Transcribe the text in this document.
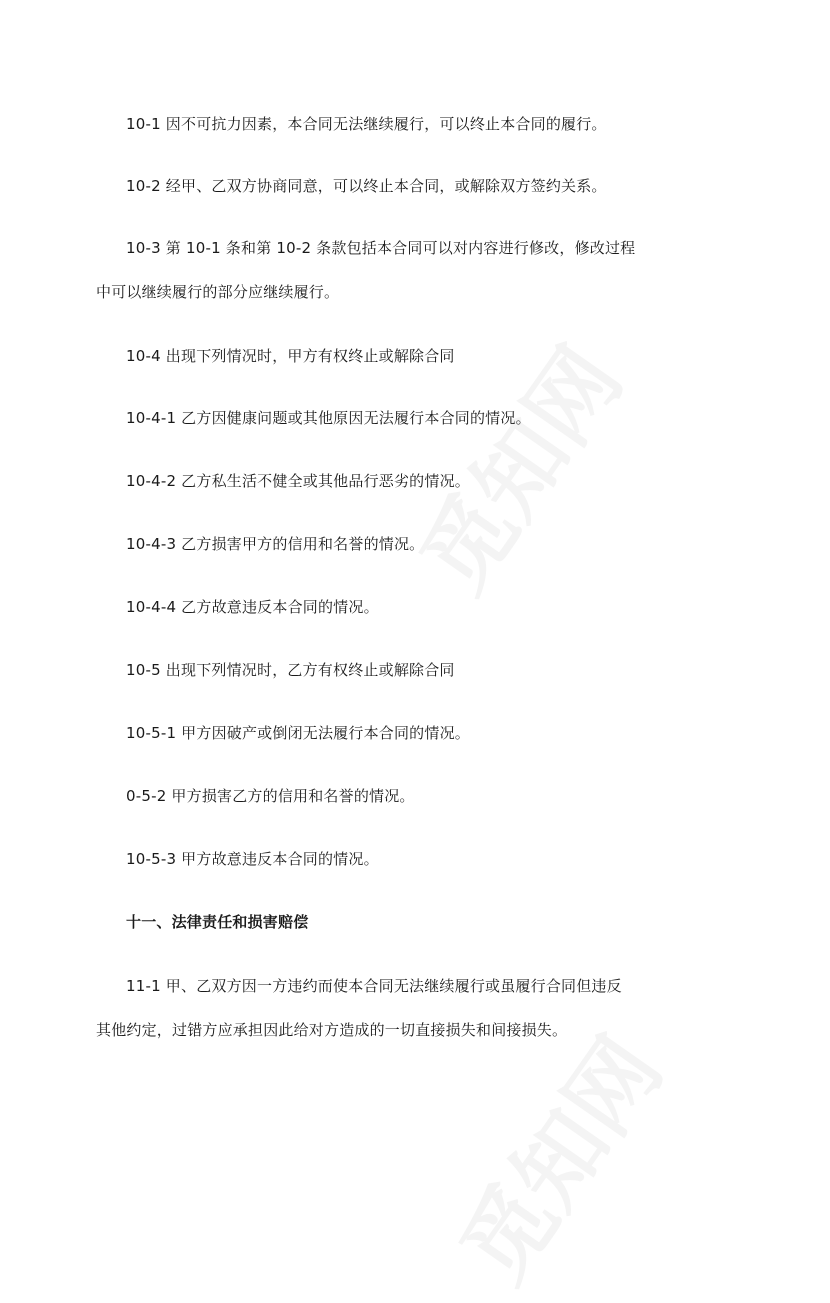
10-1 因不可抗力因素，本合同无法继续履行，可以终止本合同的履行。
10-2 经甲、乙双方协商同意，可以终止本合同，或解除双方签约关系。
10-3 第 10-1 条和第 10-2 条款包括本合同可以对内容进行修改，修改过程
中可以继续履行的部分应继续履行。
10-4 出现下列情况时，甲方有权终止或解除合同
10-4-1 乙方因健康问题或其他原因无法履行本合同的情况。
10-4-2 乙方私生活不健全或其他品行恶劣的情况。
10-4-3 乙方损害甲方的信用和名誉的情况。
10-4-4 乙方故意违反本合同的情况。
10-5 出现下列情况时，乙方有权终止或解除合同
10-5-1 甲方因破产或倒闭无法履行本合同的情况。
0-5-2 甲方损害乙方的信用和名誉的情况。
10-5-3 甲方故意违反本合同的情况。
十一、法律责任和损害赔偿
11-1 甲、乙双方因一方违约而使本合同无法继续履行或虽履行合同但违反
其他约定，过错方应承担因此给对方造成的一切直接损失和间接损失。
